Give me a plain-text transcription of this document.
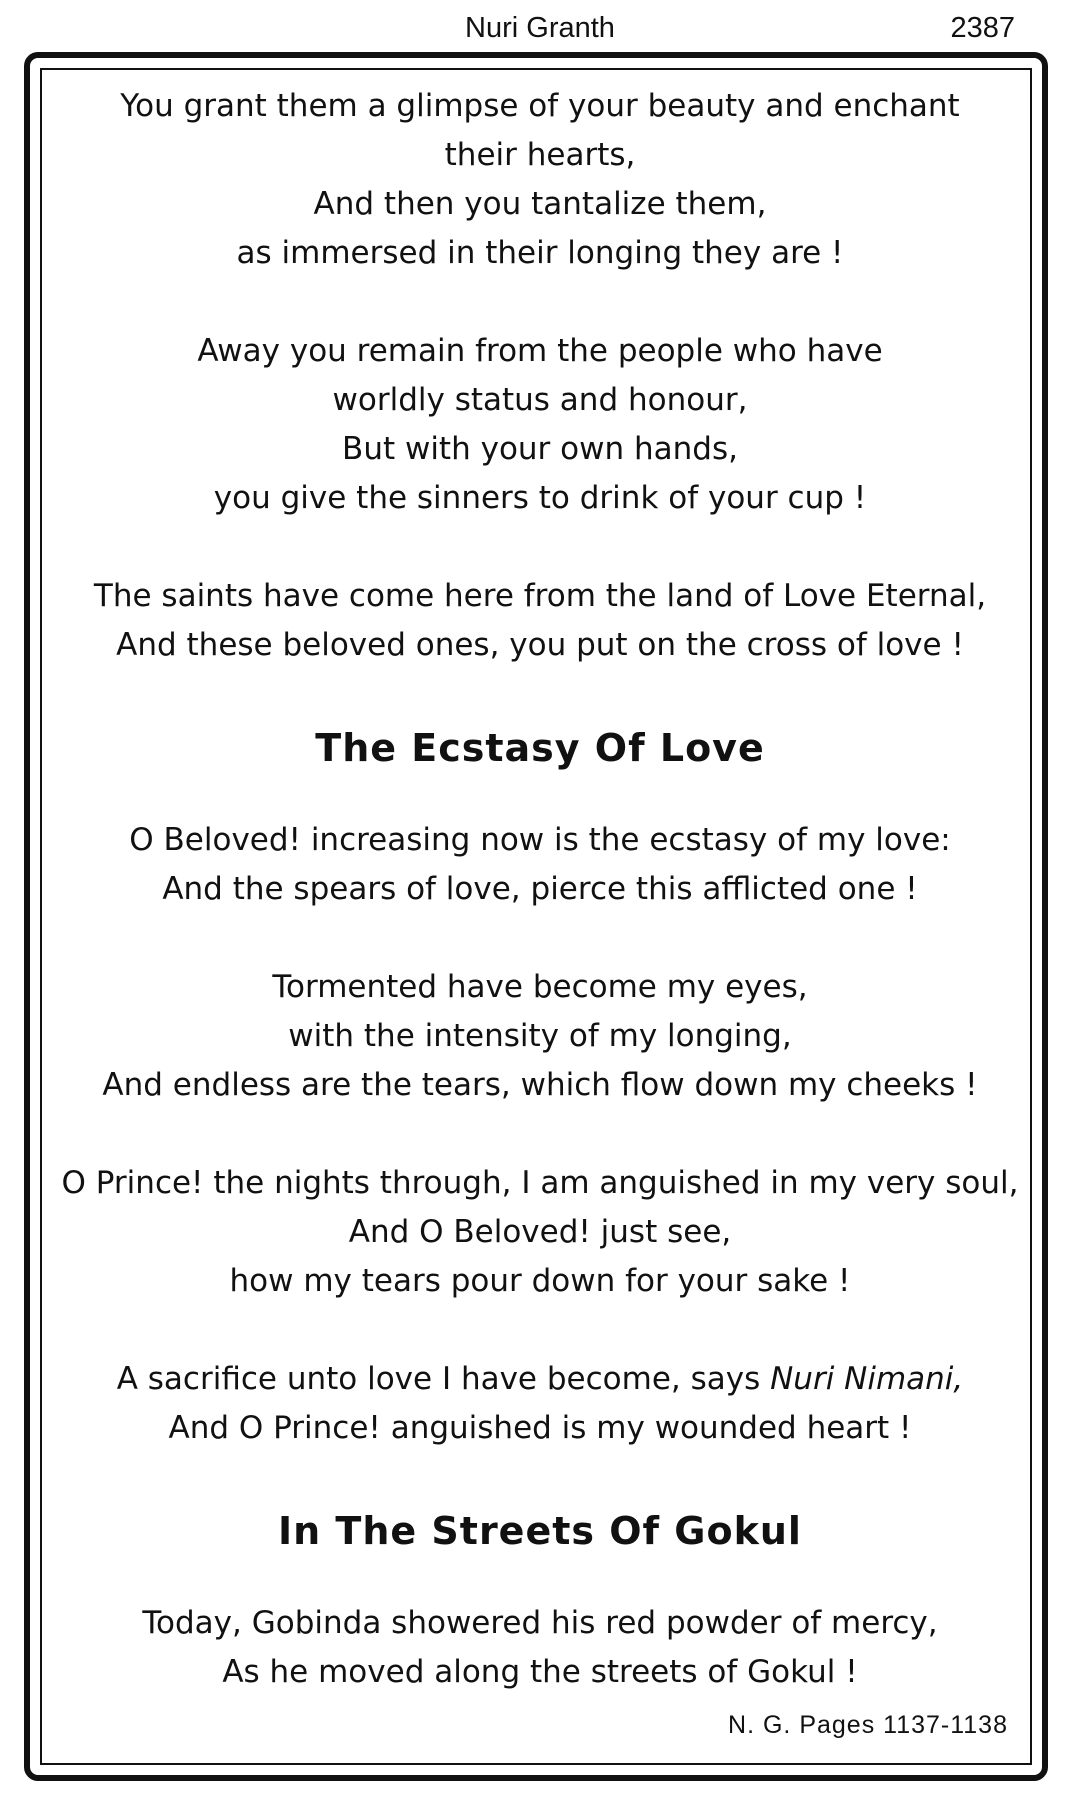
Nuri Granth	2387
You grant them a glimpse of your beauty and enchant
their hearts,
And then you tantalize them,
as immersed in their longing they are !
Away you remain from the people who have
worldly status and honour,
But with your own hands,
you give the sinners to drink of your cup !
The saints have come here from the land of Love Eternal,
And these beloved ones, you put on the cross of love !
The Ecstasy Of Love
O Beloved! increasing now is the ecstasy of my love:
And the spears of love, pierce this afflicted one !
Tormented have become my eyes,
with the intensity of my longing,
And endless are the tears, which flow down my cheeks !
O Prince! the nights through, I am anguished in my very soul,
And O Beloved! just see,
how my tears pour down for your sake !
A sacrifice unto love I have become, says Nuri Nimani,
And O Prince! anguished is my wounded heart !
In The Streets Of Gokul
Today, Gobinda showered his red powder of mercy,
As he moved along the streets of Gokul !
N. G. Pages 1137-1138
